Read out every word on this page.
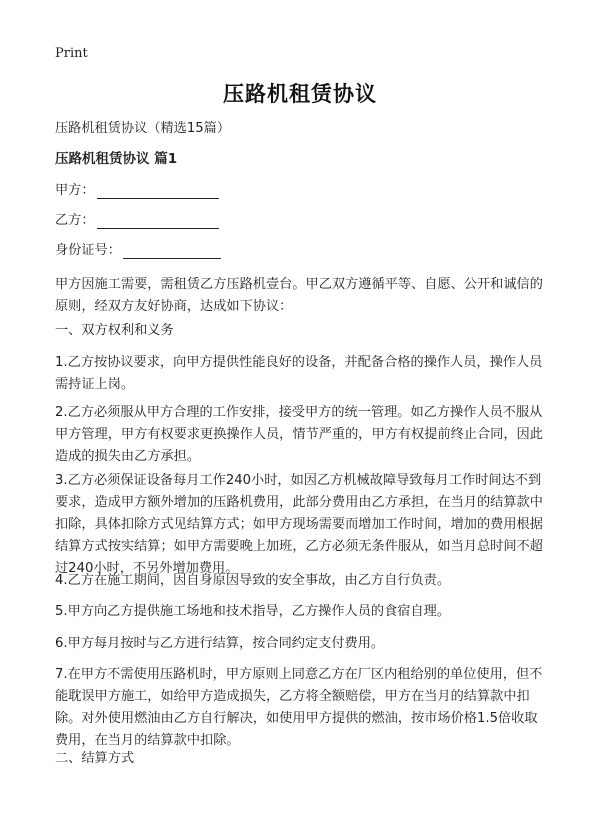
Print
压路机租赁协议
压路机租赁协议（精选15篇）
压路机租赁协议 篇1
甲方：
乙方：
身份证号：
甲方因施工需要，需租赁乙方压路机壹台。甲乙双方遵循平等、自愿、公开和诚信的原则，经双方友好协商，达成如下协议：
一、双方权利和义务
1.乙方按协议要求，向甲方提供性能良好的设备，并配备合格的操作人员，操作人员需持证上岗。
2.乙方必须服从甲方合理的工作安排，接受甲方的统一管理。如乙方操作人员不服从甲方管理，甲方有权要求更换操作人员，情节严重的，甲方有权提前终止合同，因此造成的损失由乙方承担。
3.乙方必须保证设备每月工作240小时，如因乙方机械故障导致每月工作时间达不到要求，造成甲方额外增加的压路机费用，此部分费用由乙方承担，在当月的结算款中扣除，具体扣除方式见结算方式；如甲方现场需要而增加工作时间，增加的费用根据结算方式按实结算；如甲方需要晚上加班，乙方必须无条件服从，如当月总时间不超过240小时，不另外增加费用。
4.乙方在施工期间，因自身原因导致的安全事故，由乙方自行负责。
5.甲方向乙方提供施工场地和技术指导，乙方操作人员的食宿自理。
6.甲方每月按时与乙方进行结算，按合同约定支付费用。
7.在甲方不需使用压路机时，甲方原则上同意乙方在厂区内租给别的单位使用，但不能耽误甲方施工，如给甲方造成损失，乙方将全额赔偿，甲方在当月的结算款中扣除。对外使用燃油由乙方自行解决，如使用甲方提供的燃油，按市场价格1.5倍收取费用，在当月的结算款中扣除。
二、结算方式
